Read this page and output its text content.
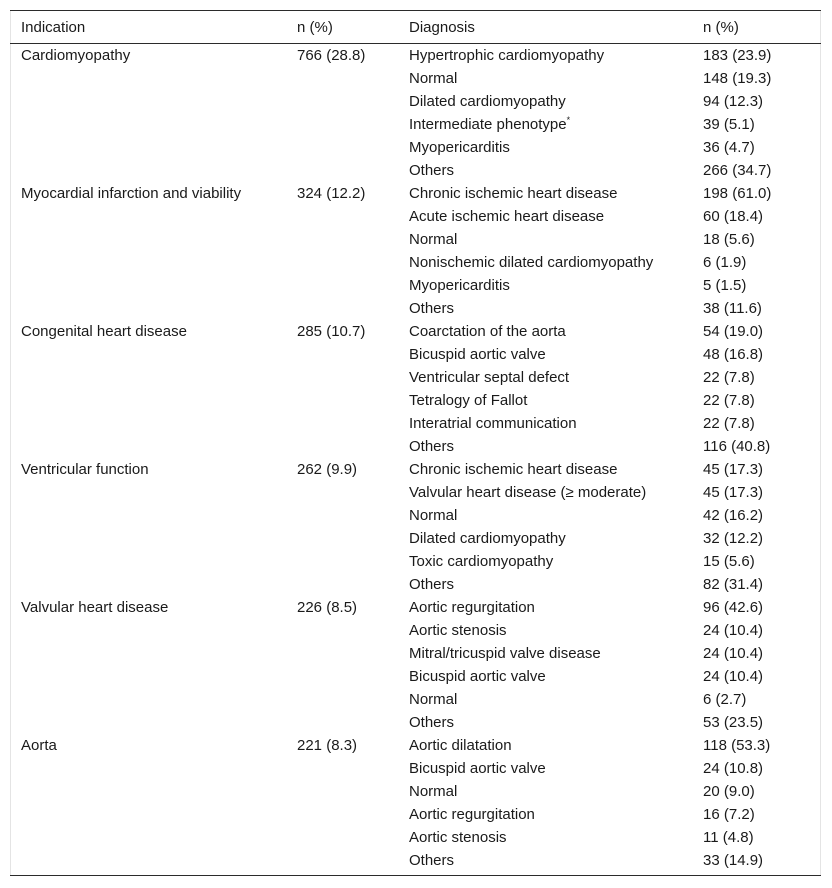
Indication	n (%)	Diagnosis	n (%)
Cardiomyopathy	766 (28.8)	Hypertrophic cardiomyopathy	183 (23.9)
		Normal	148 (19.3)
		Dilated cardiomyopathy	94 (12.3)
		Intermediate phenotype*	39 (5.1)
		Myopericarditis	36 (4.7)
		Others	266 (34.7)
Myocardial infarction and viability	324 (12.2)	Chronic ischemic heart disease	198 (61.0)
		Acute ischemic heart disease	60 (18.4)
		Normal	18 (5.6)
		Nonischemic dilated cardiomyopathy	6 (1.9)
		Myopericarditis	5 (1.5)
		Others	38 (11.6)
Congenital heart disease	285 (10.7)	Coarctation of the aorta	54 (19.0)
		Bicuspid aortic valve	48 (16.8)
		Ventricular septal defect	22 (7.8)
		Tetralogy of Fallot	22 (7.8)
		Interatrial communication	22 (7.8)
		Others	116 (40.8)
Ventricular function	262 (9.9)	Chronic ischemic heart disease	45 (17.3)
		Valvular heart disease (≥ moderate)	45 (17.3)
		Normal	42 (16.2)
		Dilated cardiomyopathy	32 (12.2)
		Toxic cardiomyopathy	15 (5.6)
		Others	82 (31.4)
Valvular heart disease	226 (8.5)	Aortic regurgitation	96 (42.6)
		Aortic stenosis	24 (10.4)
		Mitral/tricuspid valve disease	24 (10.4)
		Bicuspid aortic valve	24 (10.4)
		Normal	6 (2.7)
		Others	53 (23.5)
Aorta	221 (8.3)	Aortic dilatation	118 (53.3)
		Bicuspid aortic valve	24 (10.8)
		Normal	20 (9.0)
		Aortic regurgitation	16 (7.2)
		Aortic stenosis	11 (4.8)
		Others	33 (14.9)
